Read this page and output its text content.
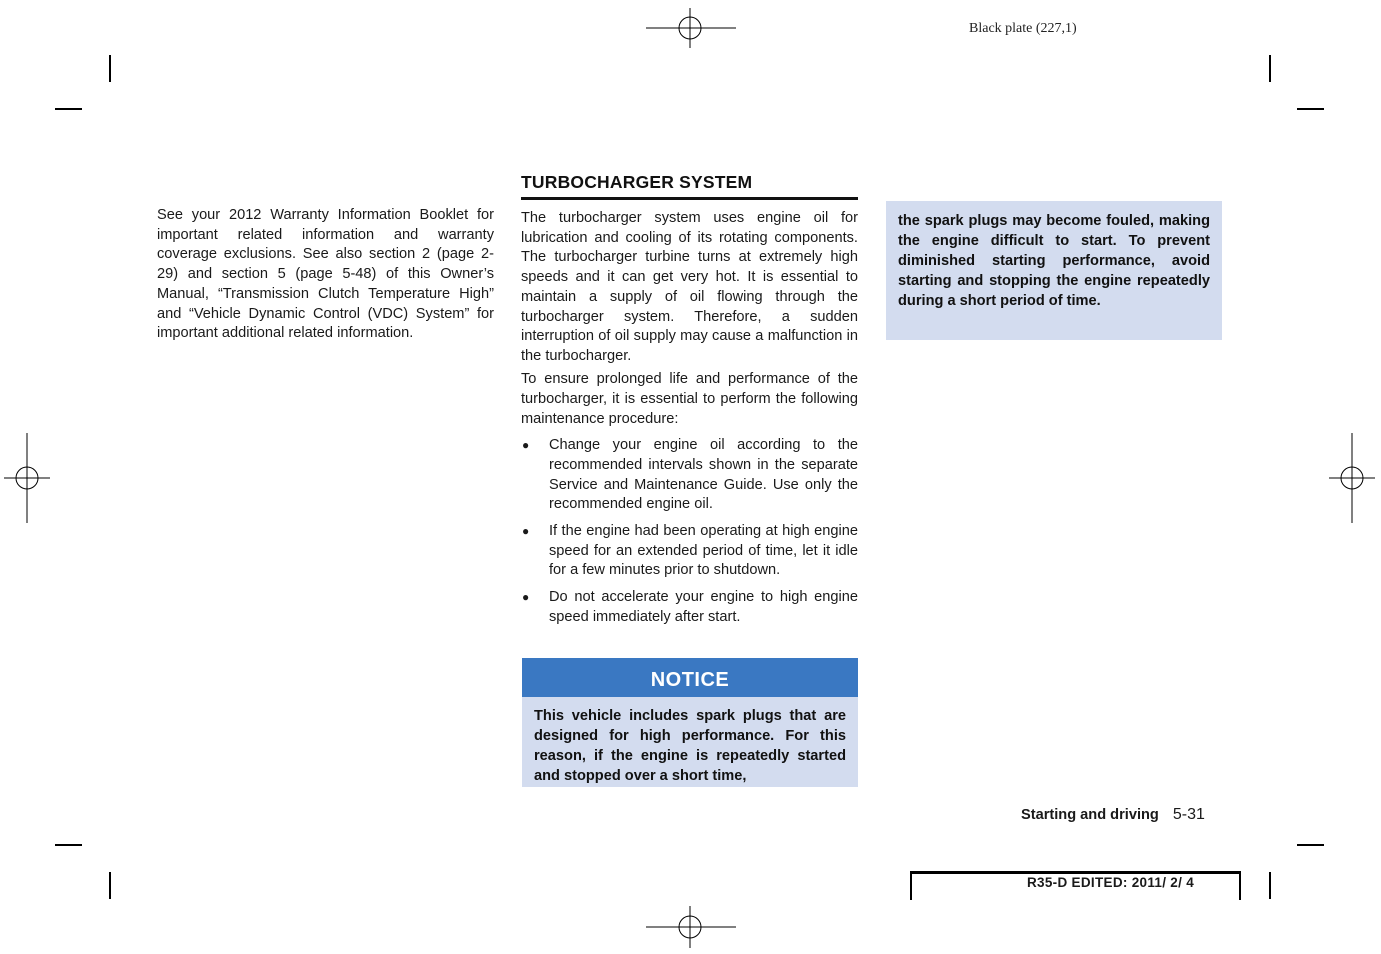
Black plate (227,1)

See your 2012 Warranty Information Booklet for important related information and warranty coverage exclusions. See also section 2 (page 2-29) and section 5 (page 5-48) of this Owner’s Manual, “Transmission Clutch Temperature High” and “Vehicle Dynamic Control (VDC) System” for important additional related information.

TURBOCHARGER SYSTEM

The turbocharger system uses engine oil for lubrication and cooling of its rotating components. The turbocharger turbine turns at extremely high speeds and it can get very hot. It is essential to maintain a supply of oil flowing through the turbocharger system. Therefore, a sudden interruption of oil supply may cause a malfunction in the turbocharger.

To ensure prolonged life and performance of the turbocharger, it is essential to perform the following maintenance procedure:

● Change your engine oil according to the recommended intervals shown in the separate Service and Maintenance Guide. Use only the recommended engine oil.
● If the engine had been operating at high engine speed for an extended period of time, let it idle for a few minutes prior to shutdown.
● Do not accelerate your engine to high engine speed immediately after start.
NOTICE
This vehicle includes spark plugs that are designed for high performance. For this reason, if the engine is repeatedly started and stopped over a short time,
the spark plugs may become fouled, making the engine difficult to start. To prevent diminished starting performance, avoid starting and stopping the engine repeatedly during a short period of time.
Starting and driving 5-31
R35-D EDITED: 2011/ 2/ 4
